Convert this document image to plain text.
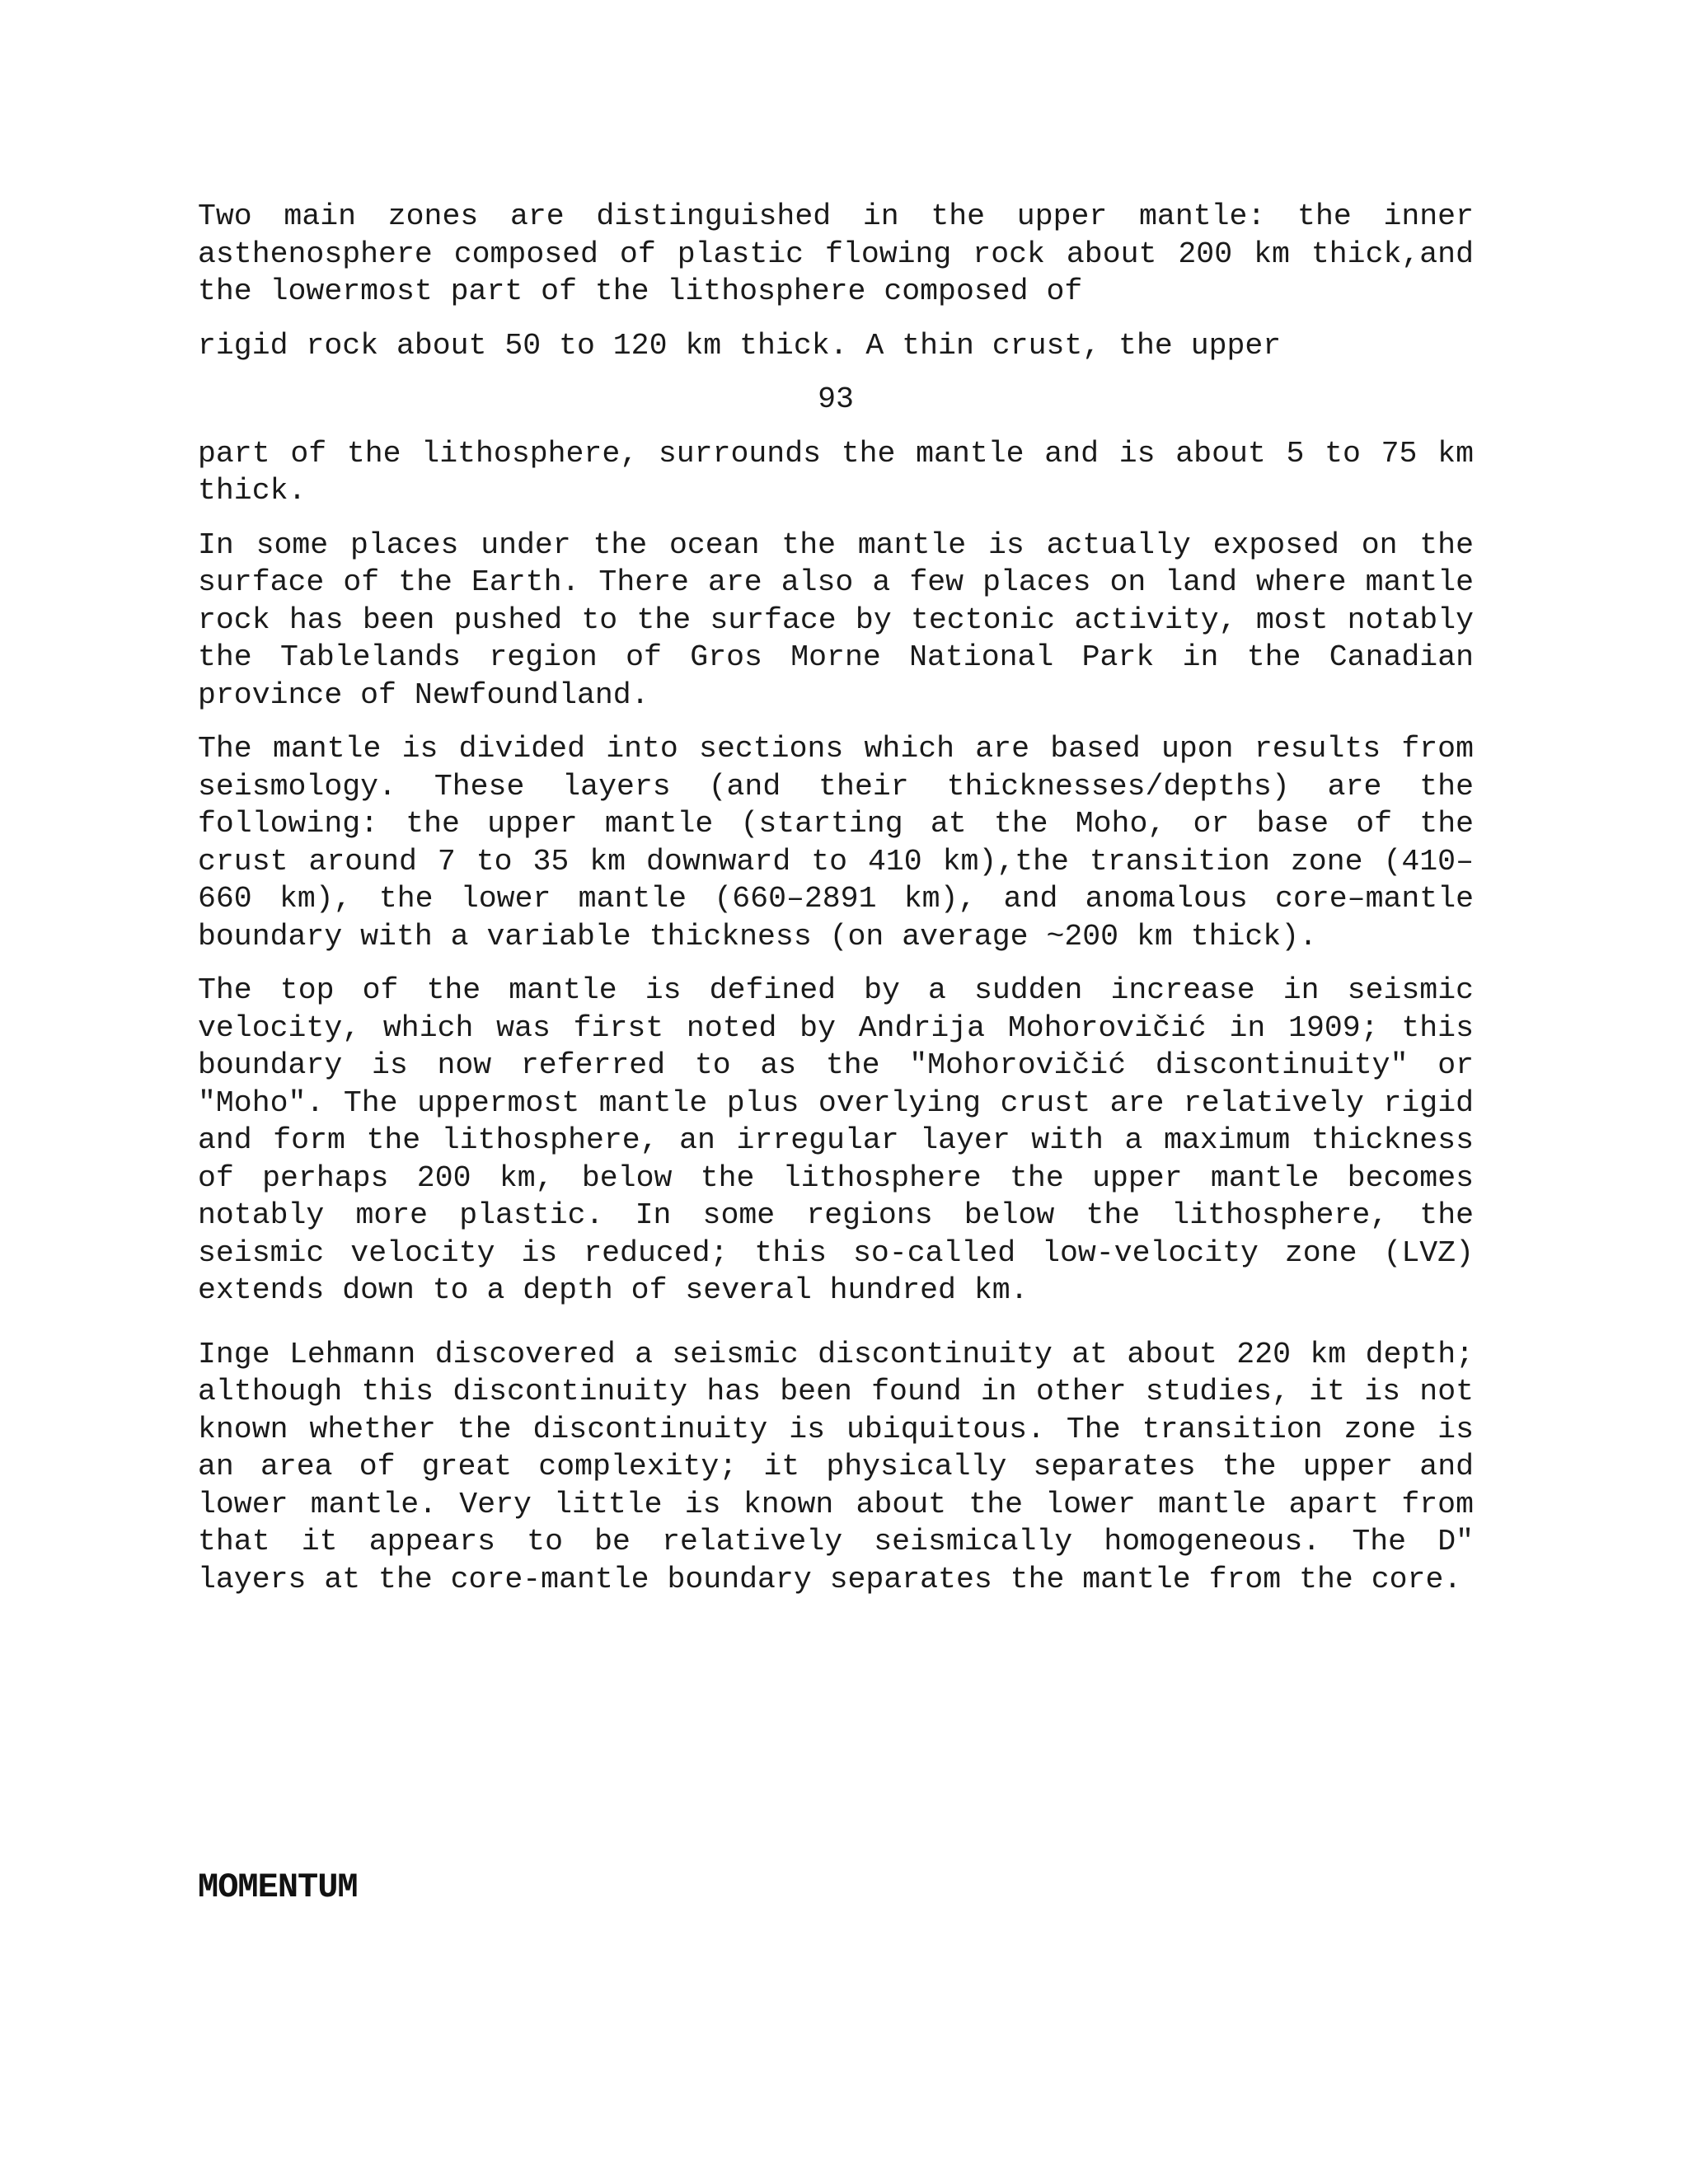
Two main zones are distinguished in the upper mantle: the inner asthenosphere composed of plastic flowing rock about 200 km thick,and the lowermost part of the lithosphere composed of

rigid rock about 50 to 120 km thick. A thin crust, the upper

93

part of the lithosphere, surrounds the mantle and is about 5 to 75 km thick.

In some places under the ocean the mantle is actually exposed on the surface of the Earth. There are also a few places on land where mantle rock has been pushed to the surface by tectonic activity, most notably the Tablelands region of Gros Morne National Park in the Canadian province of Newfoundland.

The mantle is divided into sections which are based upon results from seismology. These layers (and their thicknesses/depths) are the following: the upper mantle (starting at the Moho, or base of the crust around 7 to 35 km downward to 410 km),the transition zone (410–660 km), the lower mantle (660–2891 km), and anomalous core–mantle boundary with a variable thickness (on average ~200 km thick).

The top of the mantle is defined by a sudden increase in seismic velocity, which was first noted by Andrija Mohorovičić in 1909; this boundary is now referred to as the "Mohorovičić discontinuity" or "Moho". The uppermost mantle plus overlying crust are relatively rigid and form the lithosphere, an irregular layer with a maximum thickness of perhaps 200 km, below the lithosphere the upper mantle becomes notably more plastic. In some regions below the lithosphere, the seismic velocity is reduced; this so-called low-velocity zone (LVZ) extends down to a depth of several hundred km.

Inge Lehmann discovered a seismic discontinuity at about 220 km depth; although this discontinuity has been found in other studies, it is not known whether the discontinuity is ubiquitous. The transition zone is an area of great complexity; it physically separates the upper and lower mantle. Very little is known about the lower mantle apart from that it appears to be relatively seismically homogeneous. The D" layers at the core-mantle boundary separates the mantle from the core.

MOMENTUM
